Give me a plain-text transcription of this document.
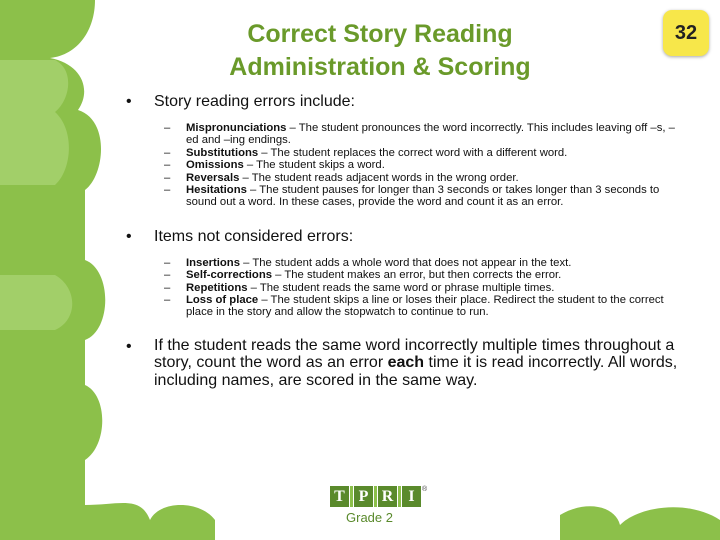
Correct Story Reading
Administration & Scoring
32
• Story reading errors include:
– Mispronunciations – The student pronounces the word incorrectly. This includes leaving off –s, –ed and –ing endings.
– Substitutions – The student replaces the correct word with a different word.
– Omissions – The student skips a word.
– Reversals – The student reads adjacent words in the wrong order.
– Hesitations – The student pauses for longer than 3 seconds or takes longer than 3 seconds to sound out a word. In these cases, provide the word and count it as an error.
• Items not considered errors:
– Insertions – The student adds a whole word that does not appear in the text.
– Self-corrections – The student makes an error, but then corrects the error.
– Repetitions – The student reads the same word or phrase multiple times.
– Loss of place – The student skips a line or loses their place. Redirect the student to the correct place in the story and allow the stopwatch to continue to run.
• If the student reads the same word incorrectly multiple times throughout a story, count the word as an error each time it is read incorrectly. All words, including names, are scored in the same way.
T P R I	®
Grade 2
